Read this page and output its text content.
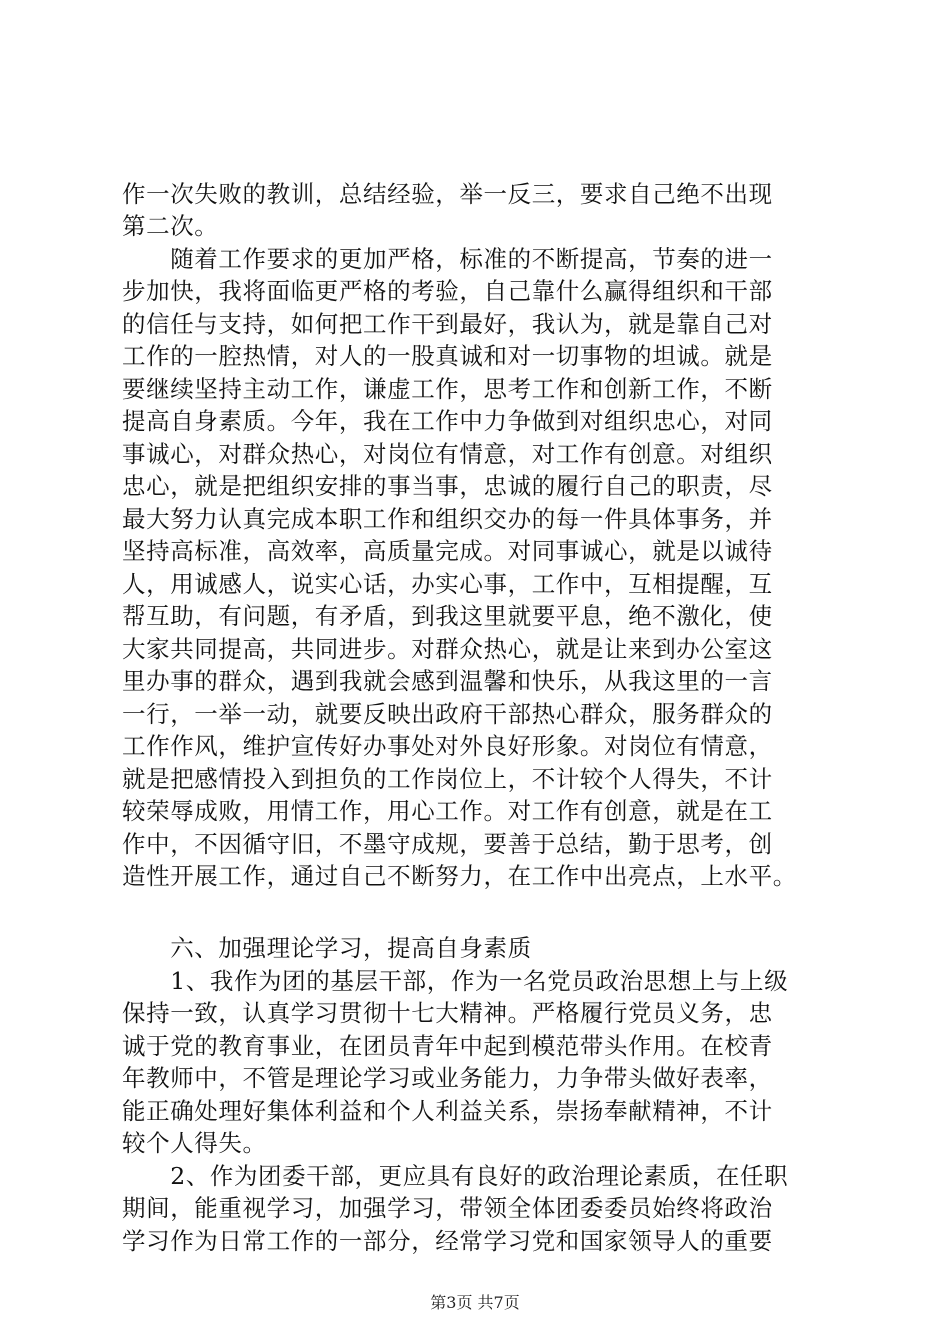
作一次失败的教训，总结经验，举一反三，要求自己绝不出现
第二次。
　　随着工作要求的更加严格，标准的不断提高，节奏的进一
步加快，我将面临更严格的考验，自己靠什么赢得组织和干部
的信任与支持，如何把工作干到最好，我认为，就是靠自己对
工作的一腔热情，对人的一股真诚和对一切事物的坦诚。就是
要继续坚持主动工作，谦虚工作，思考工作和创新工作，不断
提高自身素质。今年，我在工作中力争做到对组织忠心，对同
事诚心，对群众热心，对岗位有情意，对工作有创意。对组织
忠心，就是把组织安排的事当事，忠诚的履行自己的职责，尽
最大努力认真完成本职工作和组织交办的每一件具体事务，并
坚持高标准，高效率，高质量完成。对同事诚心，就是以诚待
人，用诚感人，说实心话，办实心事，工作中，互相提醒，互
帮互助，有问题，有矛盾，到我这里就要平息，绝不激化，使
大家共同提高，共同进步。对群众热心，就是让来到办公室这
里办事的群众，遇到我就会感到温馨和快乐，从我这里的一言
一行，一举一动，就要反映出政府干部热心群众，服务群众的
工作作风，维护宣传好办事处对外良好形象。对岗位有情意，
就是把感情投入到担负的工作岗位上，不计较个人得失，不计
较荣辱成败，用情工作，用心工作。对工作有创意，就是在工
作中，不因循守旧，不墨守成规，要善于总结，勤于思考，创
造性开展工作，通过自己不断努力，在工作中出亮点，上水平。
　　六、加强理论学习，提高自身素质
　　1、我作为团的基层干部，作为一名党员政治思想上与上级
保持一致，认真学习贯彻十七大精神。严格履行党员义务，忠
诚于党的教育事业，在团员青年中起到模范带头作用。在校青
年教师中，不管是理论学习或业务能力，力争带头做好表率，
能正确处理好集体利益和个人利益关系，崇扬奉献精神，不计
较个人得失。
　　2、作为团委干部，更应具有良好的政治理论素质，在任职
期间，能重视学习，加强学习，带领全体团委委员始终将政治
学习作为日常工作的一部分，经常学习党和国家领导人的重要
第3页 共7页
